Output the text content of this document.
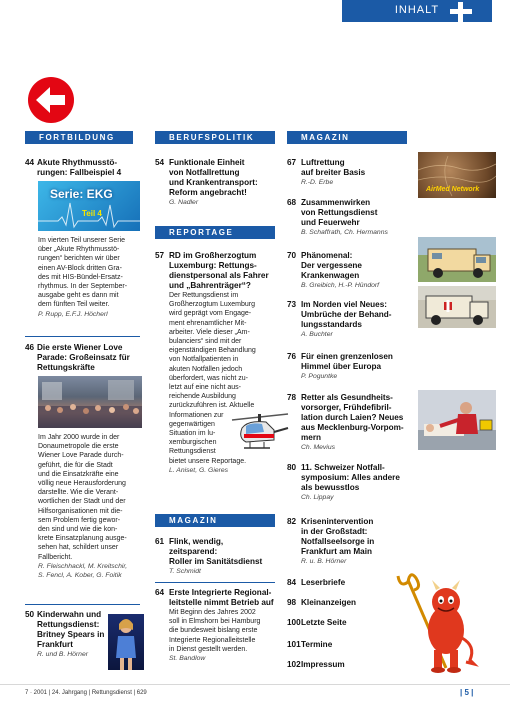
INHALT
FORTBILDUNG	BERUFSPOLITIK	MAGAZIN
REPORTAGE
MAGAZIN
44 Akute Rhythmusstö-
rungen: Fallbeispiel 4
Serie: EKG
Teil 4
Im vierten Teil unserer Serie
über „Akute Rhythmusstö-
rungen“ berichten wir über
einen AV-Block dritten Gra-
des mit HIS-Bündel-Ersatz-
rhythmus. In der September-
ausgabe geht es dann mit
dem fünften Teil weiter.
P. Rupp, E.F.J. Höcherl
46 Die erste Wiener Love
Parade: Großeinsatz für
Rettungskräfte
Im Jahr 2000 wurde in der
Donaumetropole die erste
Wiener Love Parade durch-
geführt, die für die Stadt
und die Einsatzkräfte eine
völlig neue Herausforderung
darstellte. Wie die Verant-
wortlichen der Stadt und der
Hilfsorganisationen mit die-
sem Problem fertig gewor-
den sind und wie die kon-
krete Einsatzplanung ausge-
sehen hat, schildert unser
Fallbericht.
R. Fleischhackl, M. Kreitschir,
S. Fencl, A. Kober, G. Foitik
50 Kinderwahn und
Rettungsdienst:
Britney Spears in
Frankfurt
R. und B. Hörner
54 Funktionale Einheit
von Notfallrettung
und Krankentransport:
Reform angebracht!
G. Nadler
57 RD im Großherzogtum
Luxemburg: Rettungs-
dienstpersonal als Fahrer
und „Bahrenträger“?
Der Rettungsdienst im
Großherzogtum Luxemburg
wird geprägt vom Engage-
ment ehrenamtlicher Mit-
arbeiter. Viele dieser „Am-
bulanciers“ sind mit der
eigenständigen Behandlung
von Notfallpatienten in
akuten Notfällen jedoch
überfordert, was nicht zu-
letzt auf eine nicht aus-
reichende Ausbildung
zurückzuführen ist. Aktuelle
Informationen zur
gegenwärtigen
Situation im lu-
xemburgischen
Rettungsdienst
bietet unsere Reportage.
L. Aniset, G. Gieres
61 Flink, wendig,
zeitsparend:
Roller im Sanitätsdienst
T. Schmidt
64 Erste Integrierte Regional-
leitstelle nimmt Betrieb auf
Mit Beginn des Jahres 2002
soll in Elmshorn bei Hamburg
die bundesweit bislang erste
Integrierte Regionalleitstelle
in Dienst gestellt werden.
St. Bandlow
67 Luftrettung
auf breiter Basis
R.-D. Erbe
AirMed Network
68 Zusammenwirken
von Rettungsdienst
und Feuerwehr
B. Schaffrath, Ch. Hermanns
70 Phänomenal:
Der vergessene
Krankenwagen
B. Greibich, H.-P. Hündorf
73 Im Norden viel Neues:
Umbrüche der Behand-
lungsstandards
A. Buchter
76 Für einen grenzenlosen
Himmel über Europa
P. Poguntke
78 Retter als Gesundheits-
vorsorger, Frühdefibril-
lation durch Laien? Neues
aus Mecklenburg-Vorpom-
mern
Ch. Mevius
80 11. Schweizer Notfall-
symposium: Alles andere
als bewusstlos
Ch. Lippay
82 Krisenintervention
in der Großstadt:
Notfallseelsorge in
Frankfurt am Main
R. u. B. Hörner
84 Leserbriefe
98 Kleinanzeigen
100 Letzte Seite
101 Termine
102 Impressum
7 · 2001 | 24. Jahrgang | Rettungsdienst | 629	| 5 |
